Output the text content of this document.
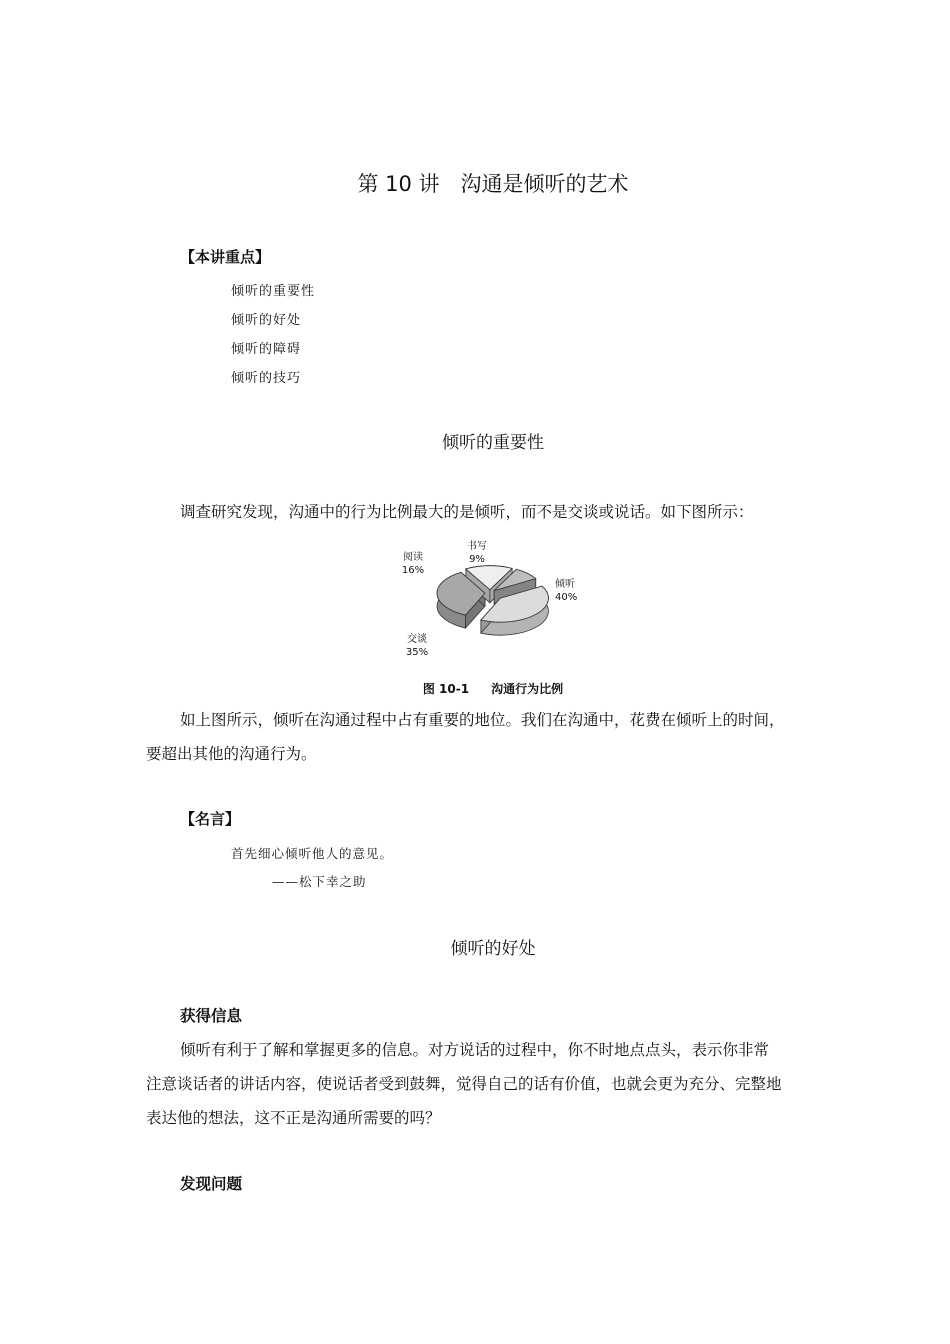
第 10 讲　沟通是倾听的艺术
【本讲重点】
倾听的重要性
倾听的好处
倾听的障碍
倾听的技巧
倾听的重要性
调查研究发现，沟通中的行为比例最大的是倾听，而不是交谈或说话。如下图所示：
倾听
40%
交谈
35%
阅读
16%
书写
9%
图 10-1 沟通行为比例
如上图所示，倾听在沟通过程中占有重要的地位。我们在沟通中，花费在倾听上的时间，
要超出其他的沟通行为。
【名言】
首先细心倾听他人的意见。
——松下幸之助
倾听的好处
获得信息
倾听有利于了解和掌握更多的信息。对方说话的过程中，你不时地点点头，表示你非常
注意谈话者的讲话内容，使说话者受到鼓舞，觉得自己的话有价值，也就会更为充分、完整地
表达他的想法，这不正是沟通所需要的吗？
发现问题
